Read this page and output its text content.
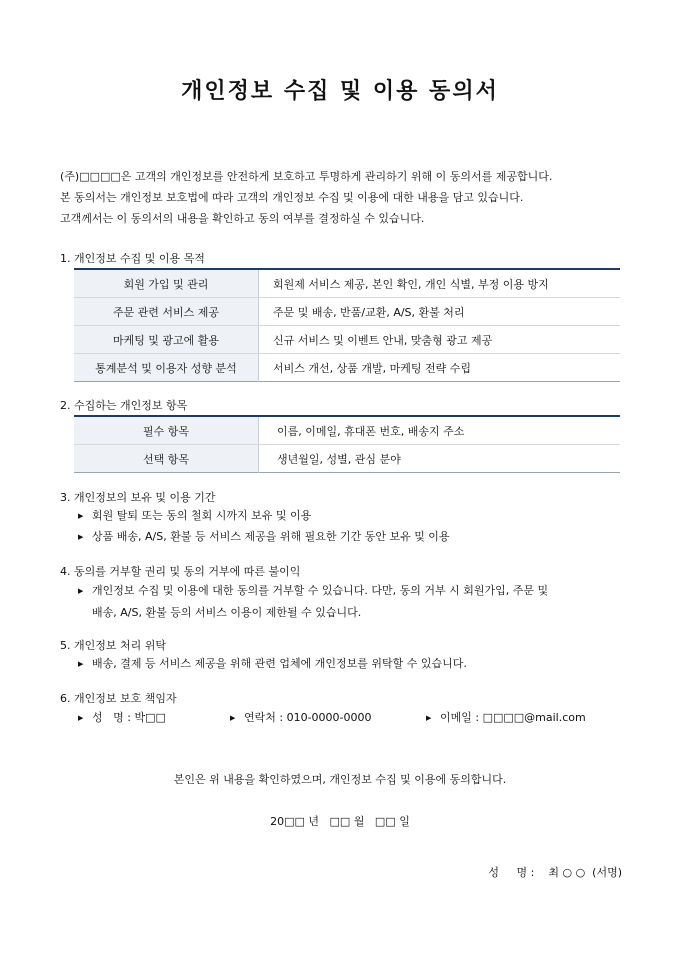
개인정보 수집 및 이용 동의서
(주)□□□□은 고객의 개인정보를 안전하게 보호하고 투명하게 관리하기 위해 이 동의서를 제공합니다.
본 동의서는 개인정보 보호법에 따라 고객의 개인정보 수집 및 이용에 대한 내용을 담고 있습니다.
고객께서는 이 동의서의 내용을 확인하고 동의 여부를 결정하실 수 있습니다.
1. 개인정보 수집 및 이용 목적
회원 가입 및 관리	회원제 서비스 제공, 본인 확인, 개인 식별, 부정 이용 방지
주문 관련 서비스 제공	주문 및 배송, 반품/교환, A/S, 환불 처리
마케팅 및 광고에 활용	신규 서비스 및 이벤트 안내, 맞춤형 광고 제공
통계분석 및 이용자 성향 분석	서비스 개선, 상품 개발, 마케팅 전략 수립
2. 수집하는 개인정보 항목
필수 항목	이름, 이메일, 휴대폰 번호, 배송지 주소
선택 항목	생년월일, 성별, 관심 분야
3. 개인정보의 보유 및 이용 기간
▶ 회원 탈퇴 또는 동의 철회 시까지 보유 및 이용
▶ 상품 배송, A/S, 환불 등 서비스 제공을 위해 필요한 기간 동안 보유 및 이용
4. 동의를 거부할 권리 및 동의 거부에 따른 불이익
▶ 개인정보 수집 및 이용에 대한 동의를 거부할 수 있습니다. 다만, 동의 거부 시 회원가입, 주문 및
배송, A/S, 환불 등의 서비스 이용이 제한될 수 있습니다.
5. 개인정보 처리 위탁
▶ 배송, 결제 등 서비스 제공을 위해 관련 업체에 개인정보를 위탁할 수 있습니다.
6. 개인정보 보호 책임자
▶ 성   명 : 박□□	▶ 연락처 : 010-0000-0000	▶ 이메일 : □□□□@mail.com
본인은 위 내용을 확인하였으며, 개인정보 수집 및 이용에 동의합니다.
20□□ 년   □□ 월   □□ 일
성     명 :    최 ○ ○  (서명)
